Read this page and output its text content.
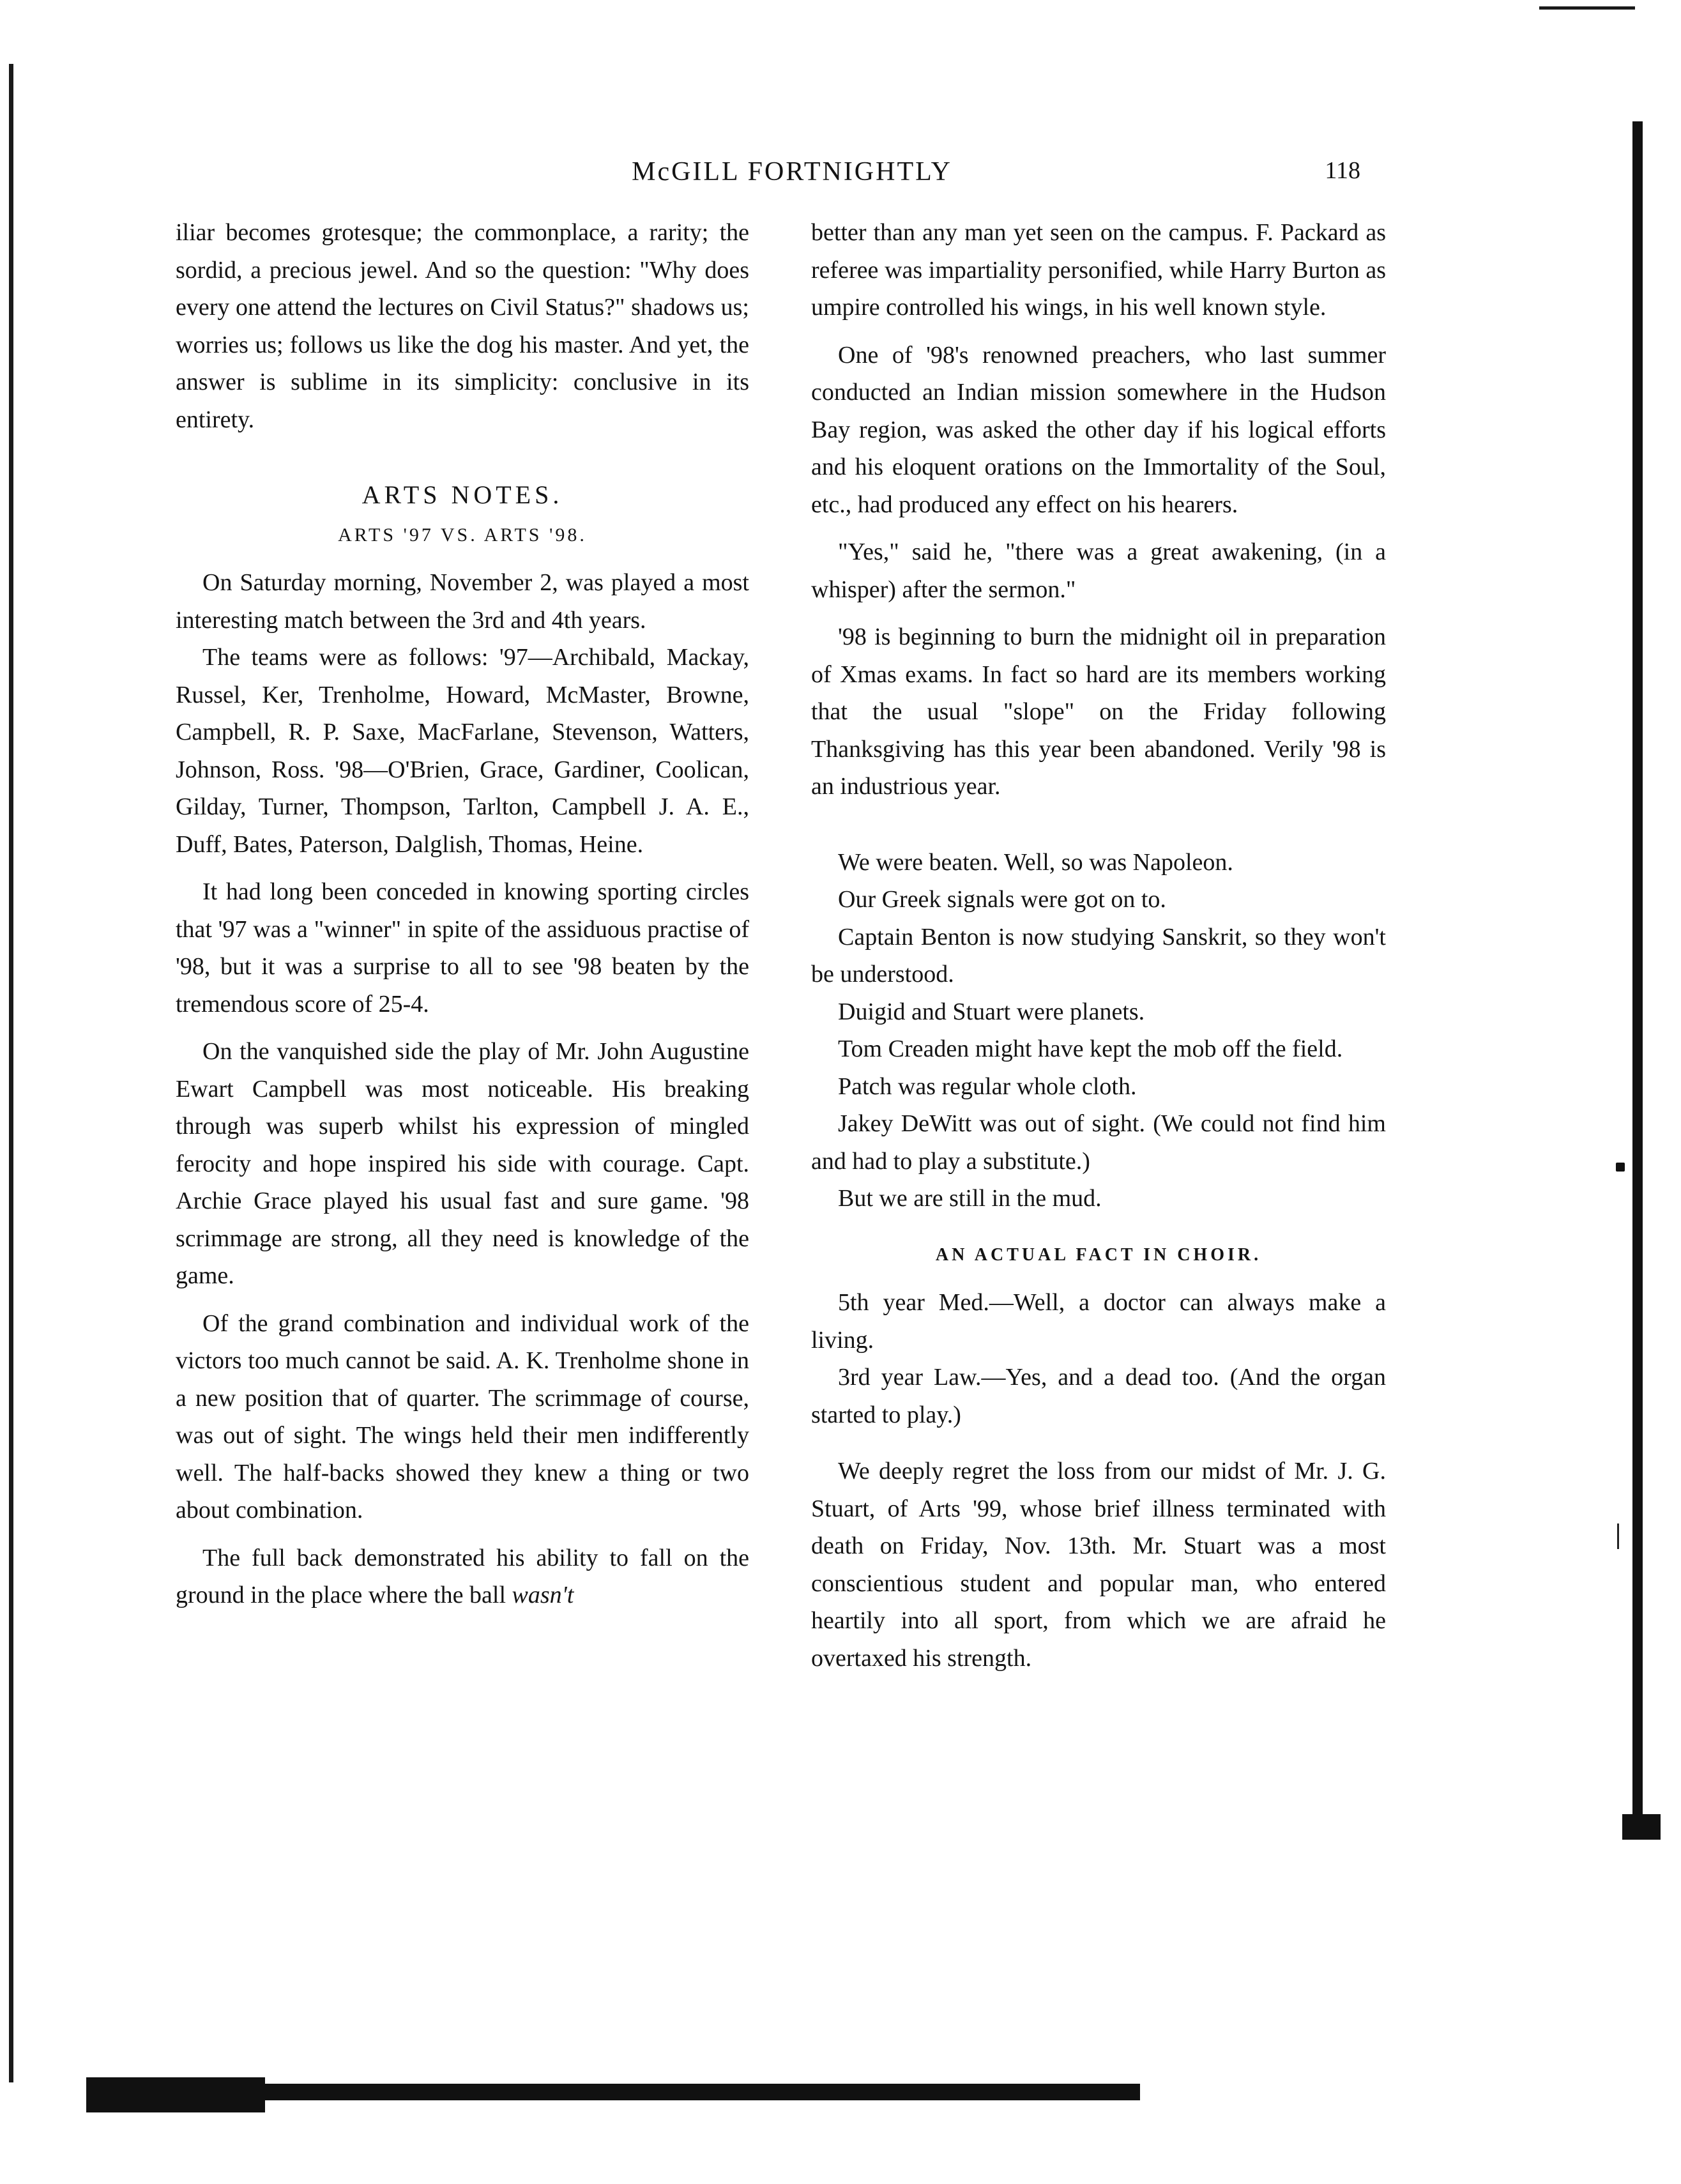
McGILL FORTNIGHTLY	118

iliar becomes grotesque; the commonplace, a rarity; the sordid, a precious jewel. And so the question: "Why does every one attend the lectures on Civil Status?" shadows us; worries us; follows us like the dog his master. And yet, the answer is sublime in its simplicity: conclusive in its entirety.

ARTS NOTES.

ARTS '97 VS. ARTS '98.

On Saturday morning, November 2, was played a most interesting match between the 3rd and 4th years.

The teams were as follows: '97—Archibald, Mackay, Russel, Ker, Trenholme, Howard, McMaster, Browne, Campbell, R. P. Saxe, MacFarlane, Stevenson, Watters, Johnson, Ross. '98—O'Brien, Grace, Gardiner, Coolican, Gilday, Turner, Thompson, Tarlton, Campbell J. A. E., Duff, Bates, Paterson, Dalglish, Thomas, Heine.

It had long been conceded in knowing sporting circles that '97 was a "winner" in spite of the assiduous practise of '98, but it was a surprise to all to see '98 beaten by the tremendous score of 25-4.

On the vanquished side the play of Mr. John Augustine Ewart Campbell was most noticeable. His breaking through was superb whilst his expression of mingled ferocity and hope inspired his side with courage. Capt. Archie Grace played his usual fast and sure game. '98 scrimmage are strong, all they need is knowledge of the game.

Of the grand combination and individual work of the victors too much cannot be said. A. K. Trenholme shone in a new position that of quarter. The scrimmage of course, was out of sight. The wings held their men indifferently well. The half-backs showed they knew a thing or two about combination.

The full back demonstrated his ability to fall on the ground in the place where the ball wasn't

better than any man yet seen on the campus. F. Packard as referee was impartiality personified, while Harry Burton as umpire controlled his wings, in his well known style.

One of '98's renowned preachers, who last summer conducted an Indian mission somewhere in the Hudson Bay region, was asked the other day if his logical efforts and his eloquent orations on the Immortality of the Soul, etc., had produced any effect on his hearers.

"Yes," said he, "there was a great awakening, (in a whisper) after the sermon."

'98 is beginning to burn the midnight oil in preparation of Xmas exams. In fact so hard are its members working that the usual "slope" on the Friday following Thanksgiving has this year been abandoned. Verily '98 is an industrious year.

We were beaten. Well, so was Napoleon.

Our Greek signals were got on to.

Captain Benton is now studying Sanskrit, so they won't be understood.

Duigid and Stuart were planets.

Tom Creaden might have kept the mob off the field.

Patch was regular whole cloth.

Jakey DeWitt was out of sight. (We could not find him and had to play a substitute.)

But we are still in the mud.

AN ACTUAL FACT IN CHOIR.

5th year Med.—Well, a doctor can always make a living.

3rd year Law.—Yes, and a dead too. (And the organ started to play.)

We deeply regret the loss from our midst of Mr. J. G. Stuart, of Arts '99, whose brief illness terminated with death on Friday, Nov. 13th. Mr. Stuart was a most conscientious student and popular man, who entered heartily into all sport, from which we are afraid he overtaxed his strength.
